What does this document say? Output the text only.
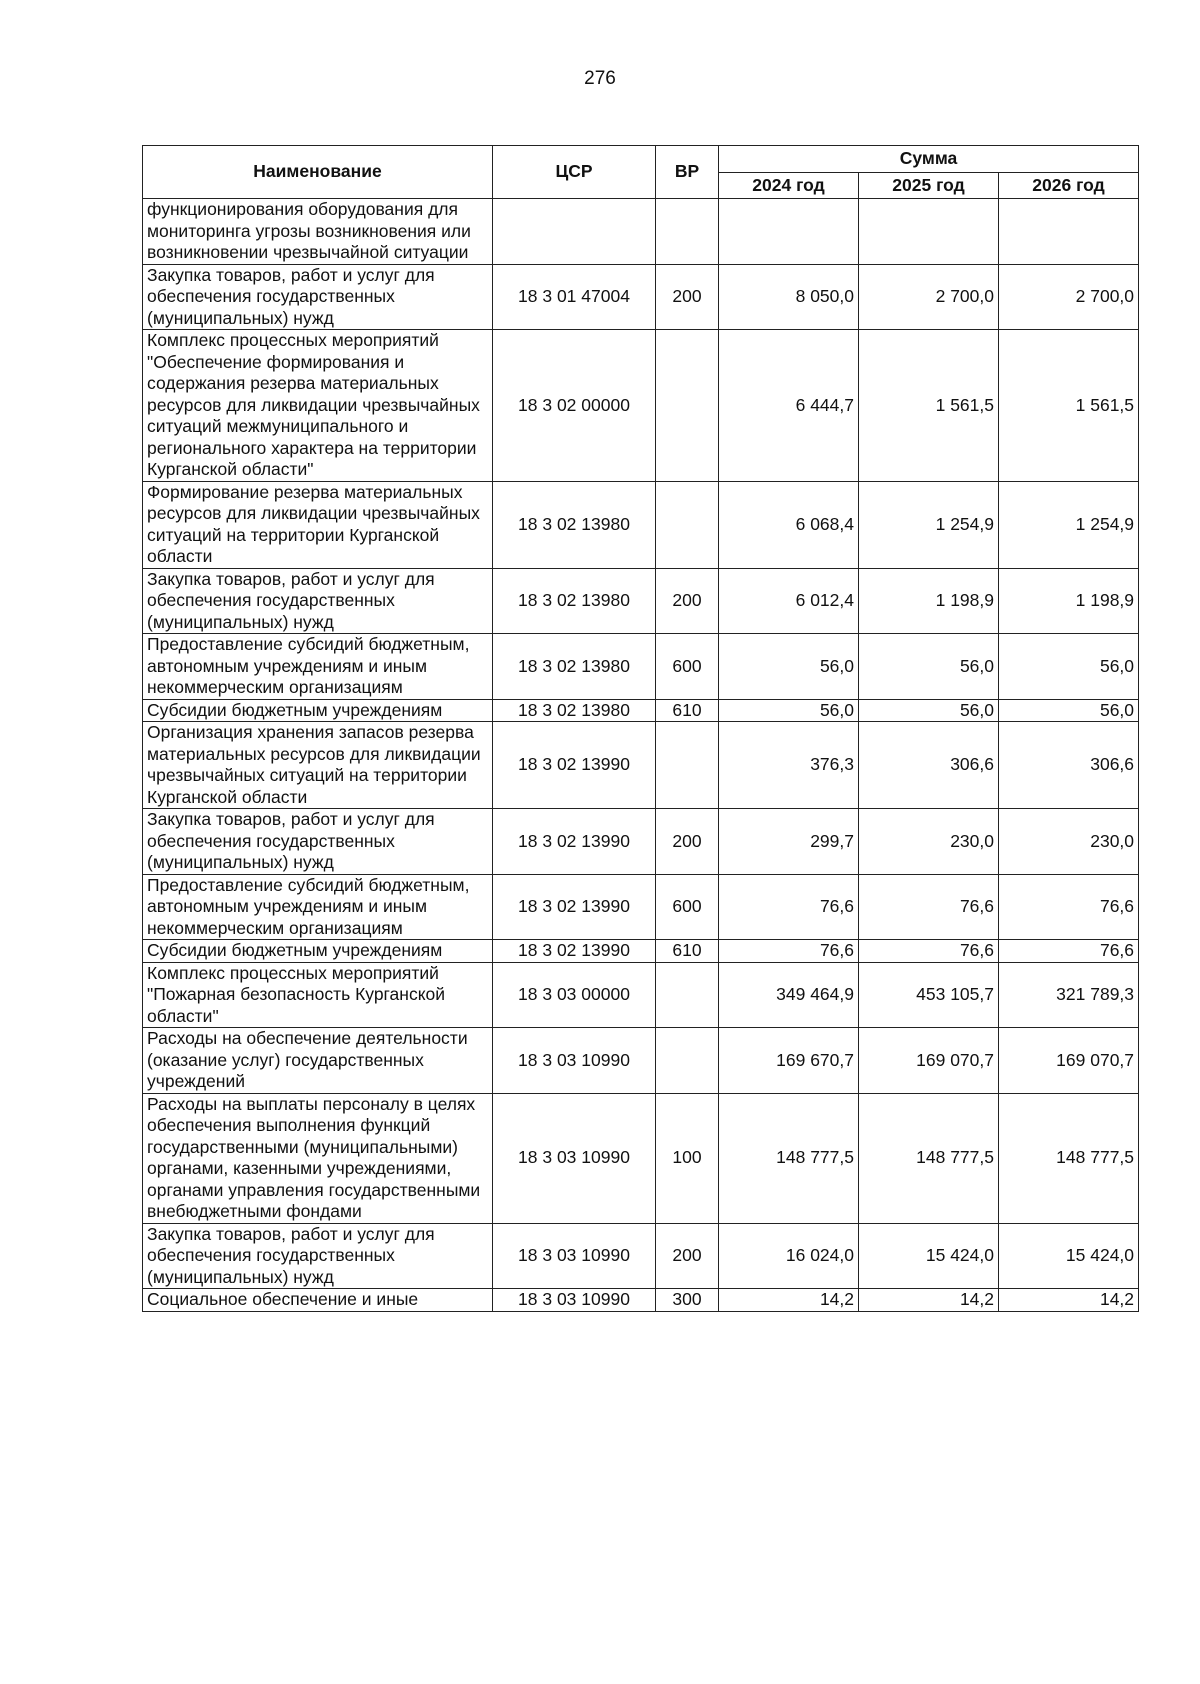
276
Наименование	ЦСР	ВР	Сумма		
			2024 год	2025 год	2026 год
функционирования оборудования для мониторинга угрозы возникновения или возникновении чрезвычайной ситуации					
Закупка товаров, работ и услуг для обеспечения государственных (муниципальных) нужд	18 3 01 47004	200	8 050,0	2 700,0	2 700,0
Комплекс процессных мероприятий "Обеспечение формирования и содержания резерва материальных ресурсов для ликвидации чрезвычайных ситуаций межмуниципального и регионального характера на территории Курганской области"	18 3 02 00000		6 444,7	1 561,5	1 561,5
Формирование резерва материальных ресурсов для ликвидации чрезвычайных ситуаций на территории Курганской области	18 3 02 13980		6 068,4	1 254,9	1 254,9
Закупка товаров, работ и услуг для обеспечения государственных (муниципальных) нужд	18 3 02 13980	200	6 012,4	1 198,9	1 198,9
Предоставление субсидий бюджетным, автономным учреждениям и иным некоммерческим организациям	18 3 02 13980	600	56,0	56,0	56,0
Субсидии бюджетным учреждениям	18 3 02 13980	610	56,0	56,0	56,0
Организация хранения запасов резерва материальных ресурсов для ликвидации чрезвычайных ситуаций на территории Курганской области	18 3 02 13990		376,3	306,6	306,6
Закупка товаров, работ и услуг для обеспечения государственных (муниципальных) нужд	18 3 02 13990	200	299,7	230,0	230,0
Предоставление субсидий бюджетным, автономным учреждениям и иным некоммерческим организациям	18 3 02 13990	600	76,6	76,6	76,6
Субсидии бюджетным учреждениям	18 3 02 13990	610	76,6	76,6	76,6
Комплекс процессных мероприятий "Пожарная безопасность Курганской области"	18 3 03 00000		349 464,9	453 105,7	321 789,3
Расходы на обеспечение деятельности (оказание услуг) государственных учреждений	18 3 03 10990		169 670,7	169 070,7	169 070,7
Расходы на выплаты персоналу в целях обеспечения выполнения функций государственными (муниципальными) органами, казенными учреждениями, органами управления государственными внебюджетными фондами	18 3 03 10990	100	148 777,5	148 777,5	148 777,5
Закупка товаров, работ и услуг для обеспечения государственных (муниципальных) нужд	18 3 03 10990	200	16 024,0	15 424,0	15 424,0
Социальное обеспечение и иные	18 3 03 10990	300	14,2	14,2	14,2
